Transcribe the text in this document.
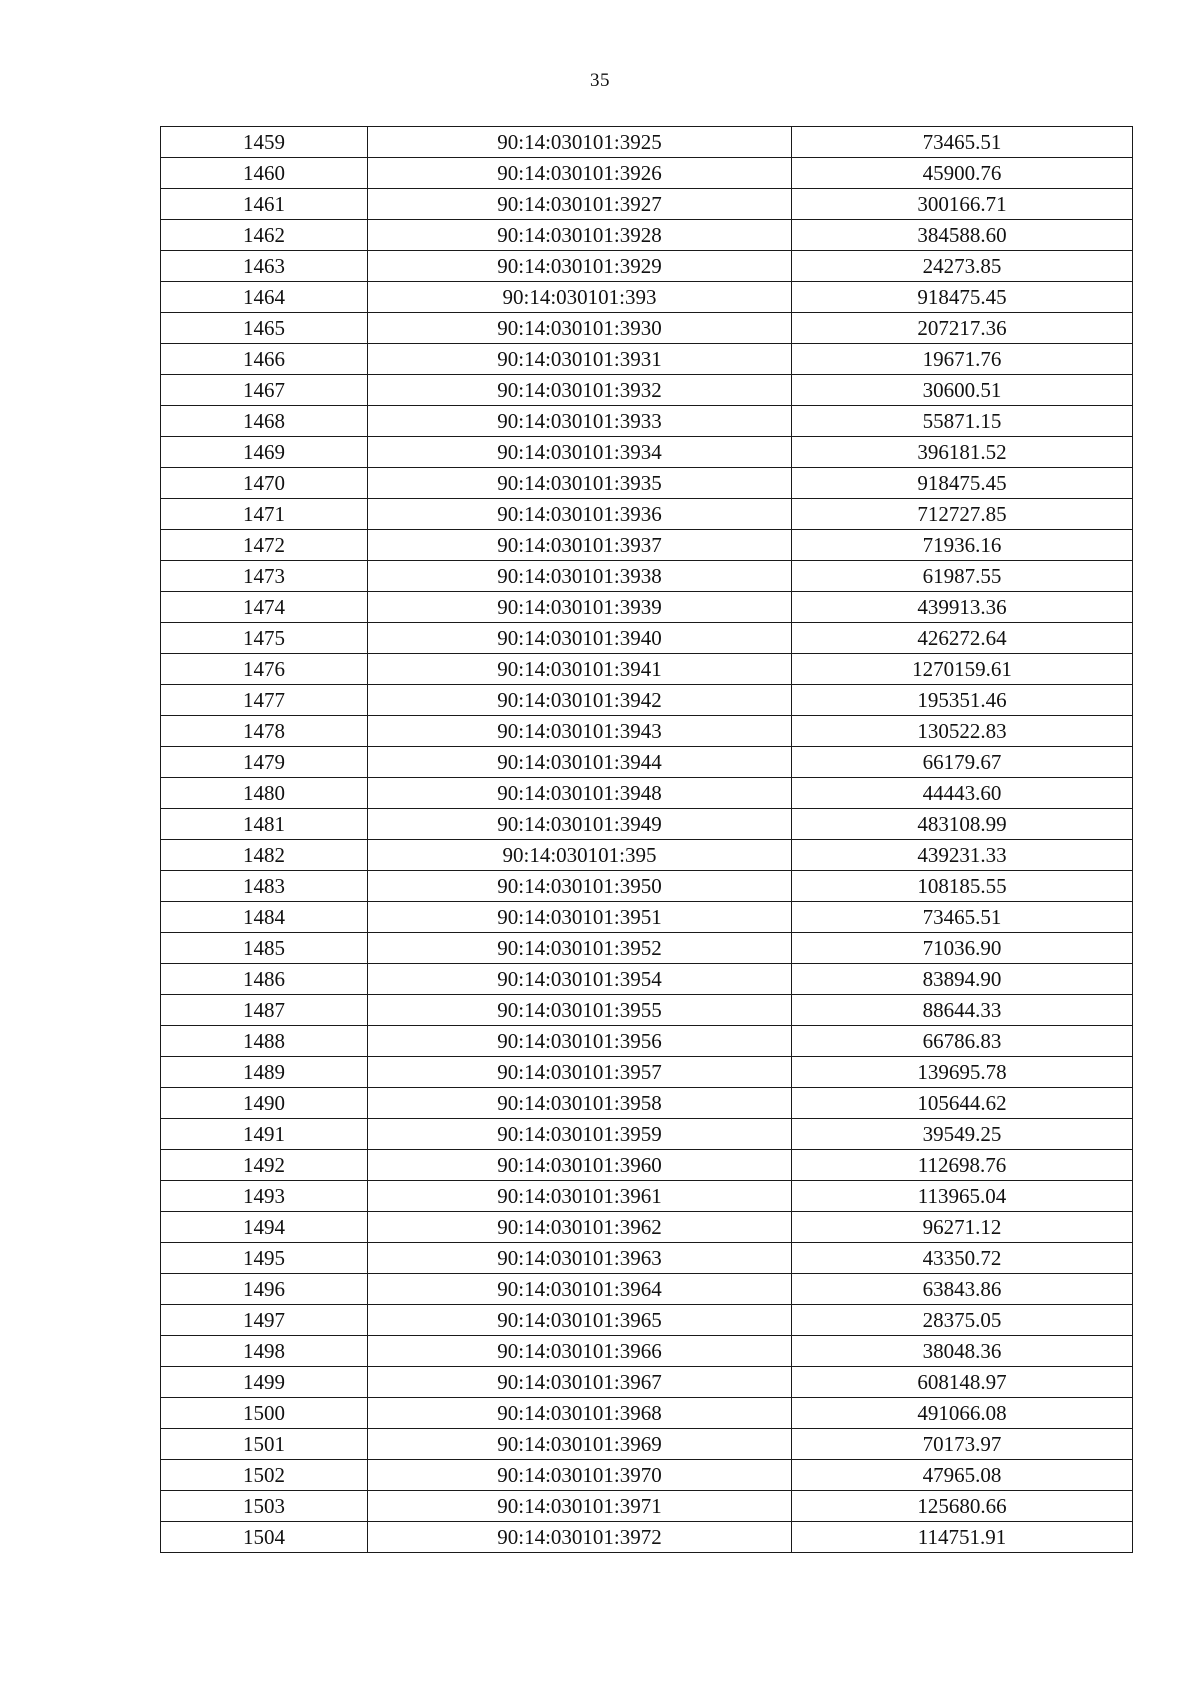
35
1459	90:14:030101:3925	73465.51
1460	90:14:030101:3926	45900.76
1461	90:14:030101:3927	300166.71
1462	90:14:030101:3928	384588.60
1463	90:14:030101:3929	24273.85
1464	90:14:030101:393	918475.45
1465	90:14:030101:3930	207217.36
1466	90:14:030101:3931	19671.76
1467	90:14:030101:3932	30600.51
1468	90:14:030101:3933	55871.15
1469	90:14:030101:3934	396181.52
1470	90:14:030101:3935	918475.45
1471	90:14:030101:3936	712727.85
1472	90:14:030101:3937	71936.16
1473	90:14:030101:3938	61987.55
1474	90:14:030101:3939	439913.36
1475	90:14:030101:3940	426272.64
1476	90:14:030101:3941	1270159.61
1477	90:14:030101:3942	195351.46
1478	90:14:030101:3943	130522.83
1479	90:14:030101:3944	66179.67
1480	90:14:030101:3948	44443.60
1481	90:14:030101:3949	483108.99
1482	90:14:030101:395	439231.33
1483	90:14:030101:3950	108185.55
1484	90:14:030101:3951	73465.51
1485	90:14:030101:3952	71036.90
1486	90:14:030101:3954	83894.90
1487	90:14:030101:3955	88644.33
1488	90:14:030101:3956	66786.83
1489	90:14:030101:3957	139695.78
1490	90:14:030101:3958	105644.62
1491	90:14:030101:3959	39549.25
1492	90:14:030101:3960	112698.76
1493	90:14:030101:3961	113965.04
1494	90:14:030101:3962	96271.12
1495	90:14:030101:3963	43350.72
1496	90:14:030101:3964	63843.86
1497	90:14:030101:3965	28375.05
1498	90:14:030101:3966	38048.36
1499	90:14:030101:3967	608148.97
1500	90:14:030101:3968	491066.08
1501	90:14:030101:3969	70173.97
1502	90:14:030101:3970	47965.08
1503	90:14:030101:3971	125680.66
1504	90:14:030101:3972	114751.91
